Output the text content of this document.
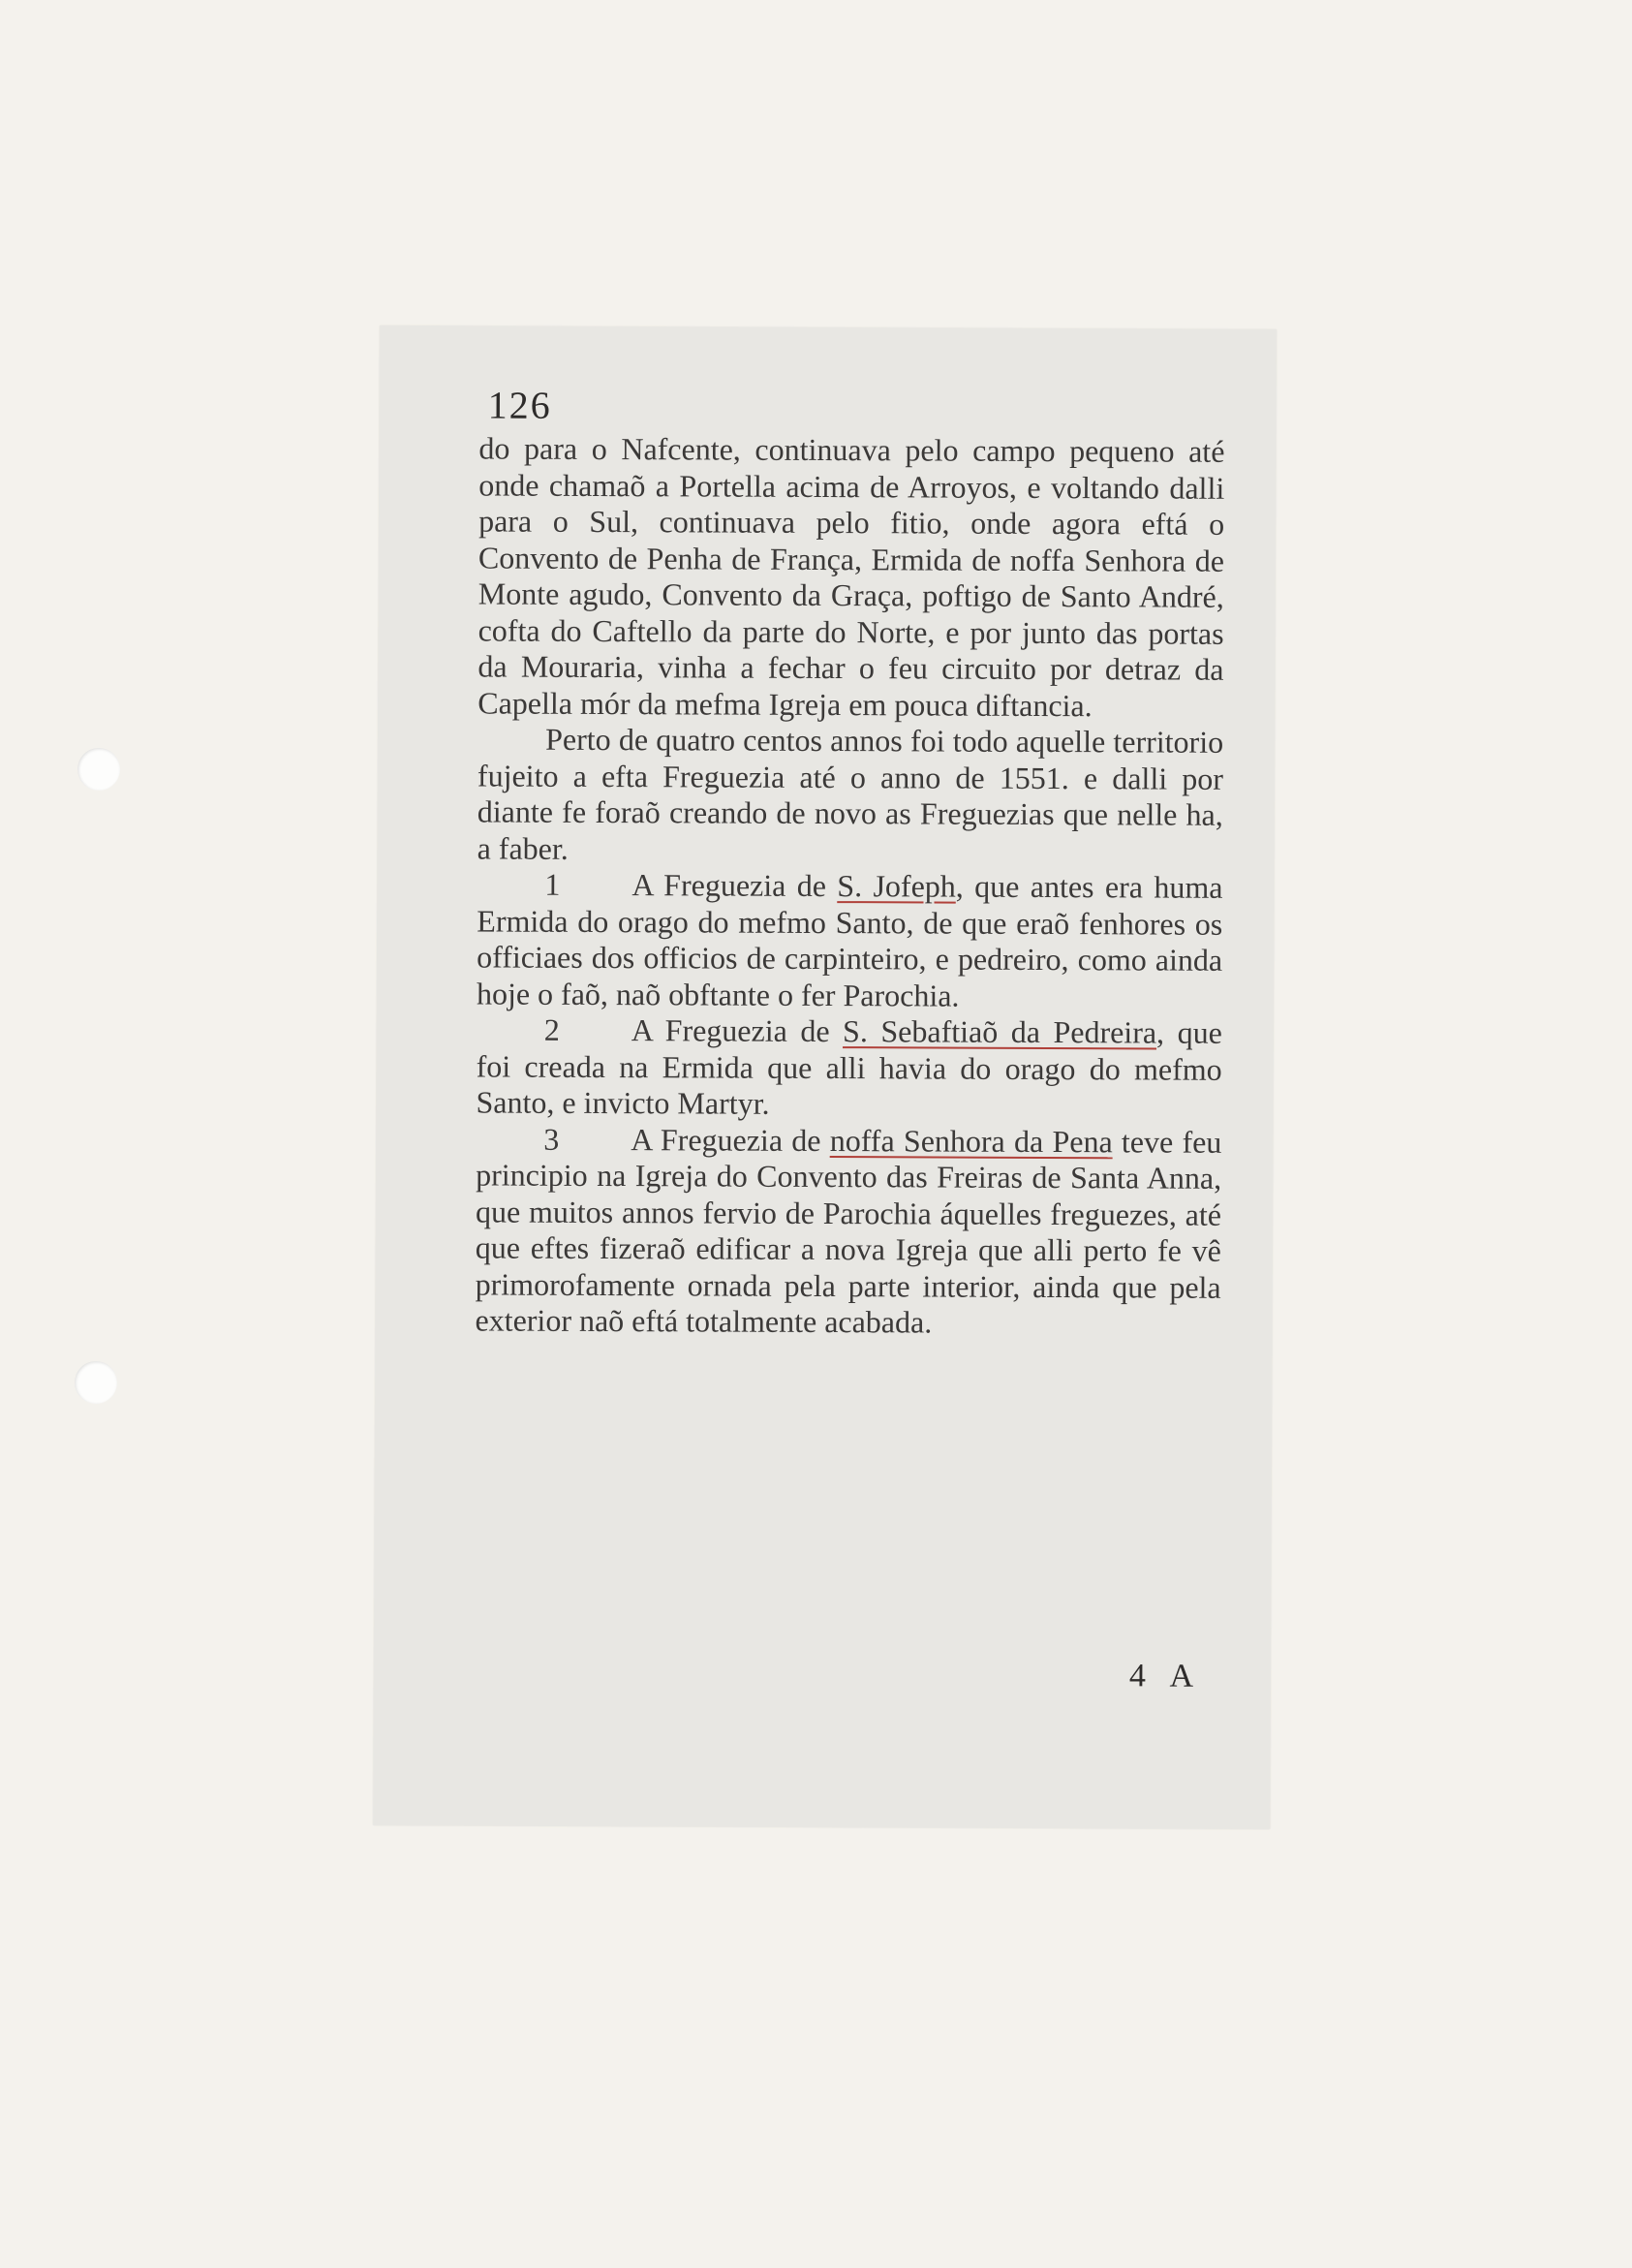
126

do para o Nafcente, continuava pelo campo pequeno até onde chamaõ a Portella acima de Arroyos, e voltando dalli para o Sul, continuava pelo fitio, onde agora eftá o Convento de Penha de França, Ermida de noffa Senhora de Monte agudo, Convento da Graça, poftigo de Santo André, cofta do Caftello da parte do Norte, e por junto das portas da Mouraria, vinha a fechar o feu circuito por detraz da Capella mór da mefma Igreja em pouca diftancia.

Perto de quatro centos annos foi todo aquelle territorio fujeito a efta Freguezia até o anno de 1551. e dalli por diante fe foraõ creando de novo as Freguezias que nelle ha, a faber.

1 A Freguezia de S. Jofeph, que antes era huma Ermida do orago do mefmo Santo, de que eraõ fenhores os officiaes dos officios de carpinteiro, e pedreiro, como ainda hoje o faõ, naõ obftante o fer Parochia.

2 A Freguezia de S. Sebaftiaõ da Pedreira, que foi creada na Ermida que alli havia do orago do mefmo Santo, e invicto Martyr.

3 A Freguezia de noffa Senhora da Pena teve feu principio na Igreja do Convento das Freiras de Santa Anna, que muitos annos fervio de Parochia áquelles freguezes, até que eftes fizeraõ edificar a nova Igreja que alli perto fe vê primorofamente ornada pela parte interior, ainda que pela exterior naõ eftá totalmente acabada.

4 A
